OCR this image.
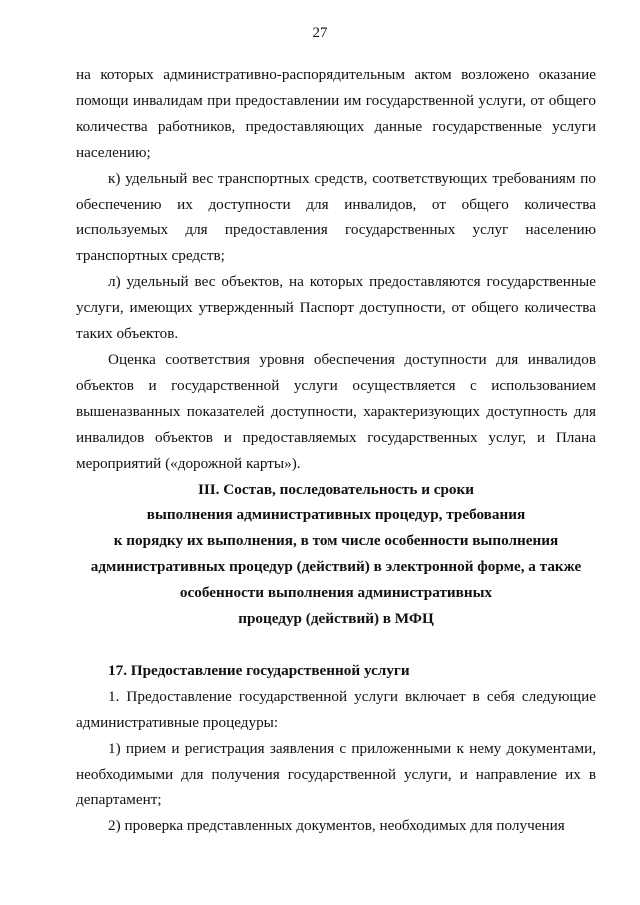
27

на которых административно-распорядительным актом возложено оказание помощи инвалидам при предоставлении им государственной услуги, от общего количества работников, предоставляющих данные государственные услуги населению;

к) удельный вес транспортных средств, соответствующих требованиям по обеспечению их доступности для инвалидов, от общего количества используемых для предоставления государственных услуг населению транспортных средств;

л) удельный вес объектов, на которых предоставляются государственные услуги, имеющих утвержденный Паспорт доступности, от общего количества таких объектов.

Оценка соответствия уровня обеспечения доступности для инвалидов объектов и государственной услуги осуществляется с использованием вышеназванных показателей доступности, характеризующих доступность для инвалидов объектов и предоставляемых государственных услуг, и Плана мероприятий («дорожной карты»).

III. Состав, последовательность и сроки
выполнения административных процедур, требования
к порядку их выполнения, в том числе особенности выполнения
административных процедур (действий) в электронной форме, а также
особенности выполнения административных
процедур (действий) в МФЦ

17. Предоставление государственной услуги

1. Предоставление государственной услуги включает в себя следующие административные процедуры:

1) прием и регистрация заявления с приложенными к нему документами, необходимыми для получения государственной услуги, и направление их в департамент;

2) проверка представленных документов, необходимых для получения
